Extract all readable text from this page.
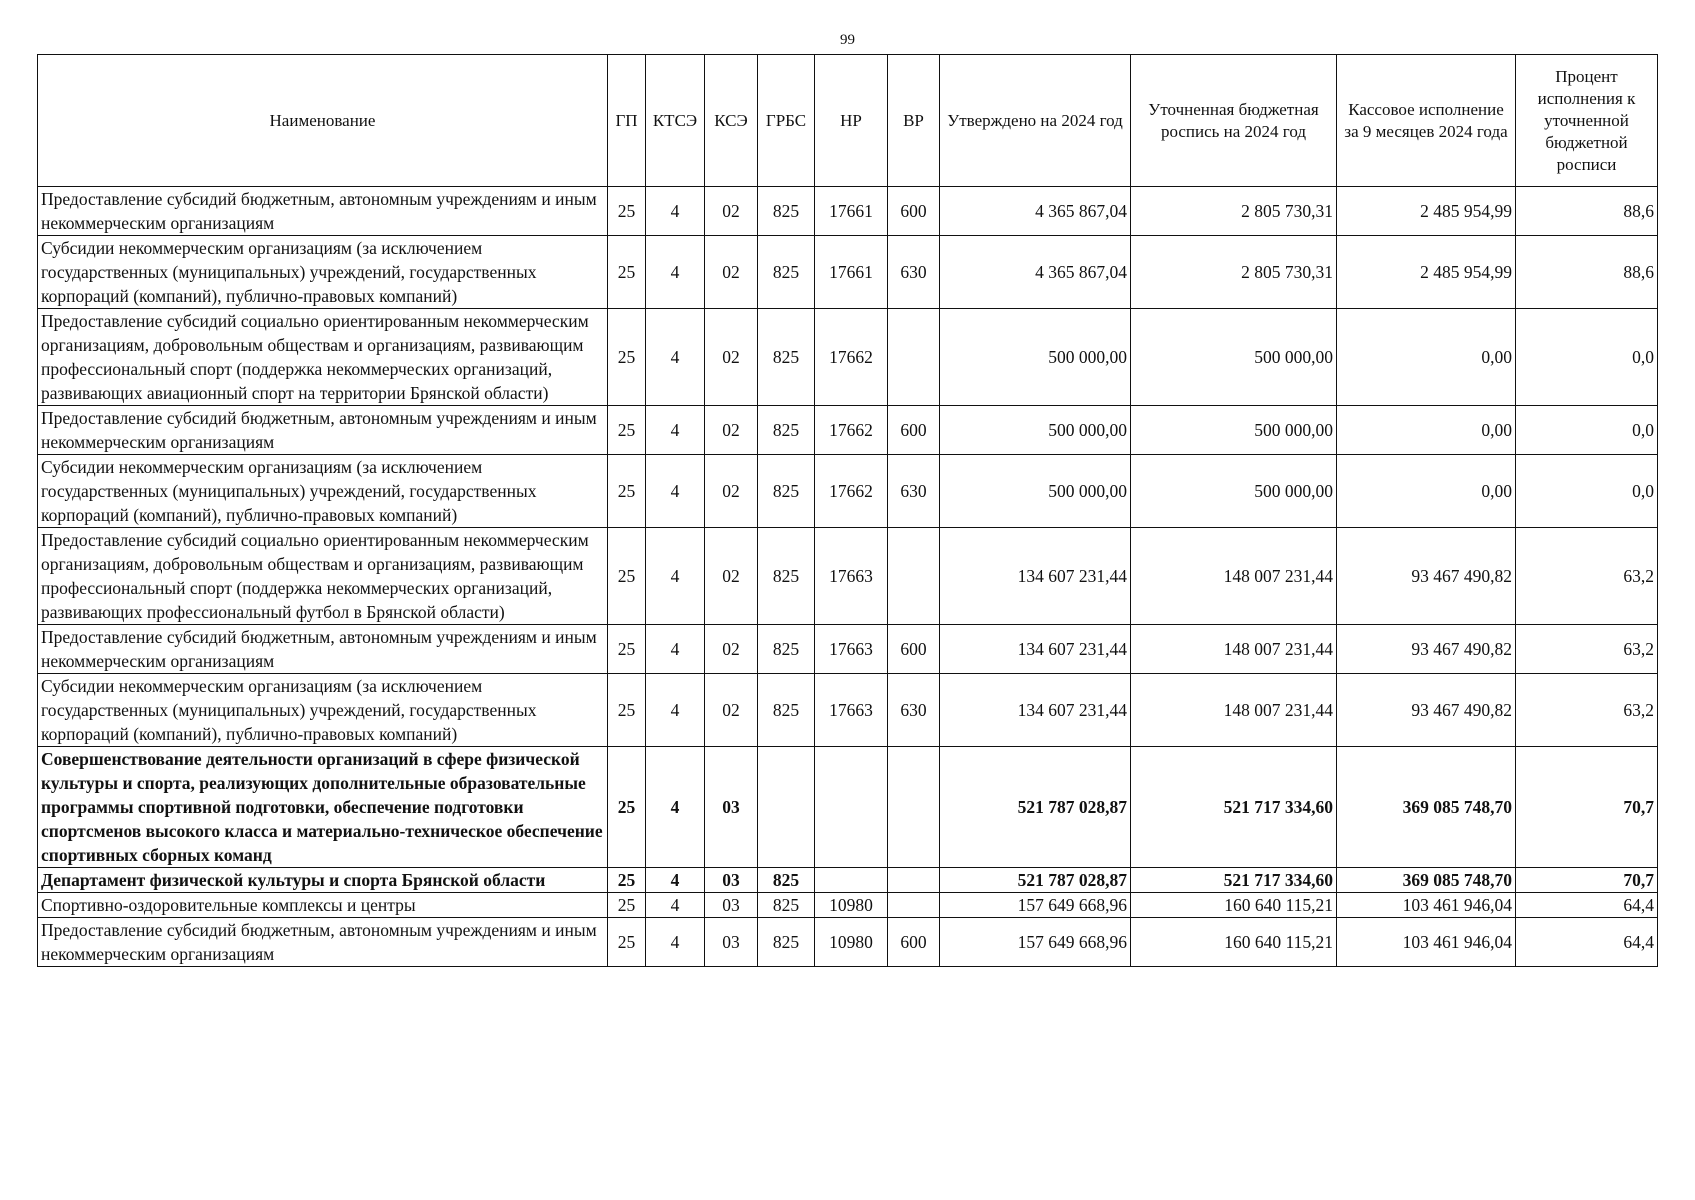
99
Наименование	ГП	КТСЭ	КСЭ	ГРБС	НР	ВР	Утверждено на 2024 год	Уточненная бюджетная роспись на 2024 год	Кассовое исполнение за 9 месяцев 2024 года	Процент исполнения к уточненной бюджетной росписи
Предоставление субсидий бюджетным, автономным учреждениям и иным некоммерческим организациям	25	4	02	825	17661	600	4 365 867,04	2 805 730,31	2 485 954,99	88,6
Субсидии некоммерческим организациям (за исключением государственных (муниципальных) учреждений, государственных корпораций (компаний), публично-правовых компаний)	25	4	02	825	17661	630	4 365 867,04	2 805 730,31	2 485 954,99	88,6
Предоставление субсидий социально ориентированным некоммерческим организациям, добровольным обществам и организациям, развивающим профессиональный спорт (поддержка некоммерческих организаций, развивающих авиационный спорт на территории Брянской области)	25	4	02	825	17662		500 000,00	500 000,00	0,00	0,0
Предоставление субсидий бюджетным, автономным учреждениям и иным некоммерческим организациям	25	4	02	825	17662	600	500 000,00	500 000,00	0,00	0,0
Субсидии некоммерческим организациям (за исключением государственных (муниципальных) учреждений, государственных корпораций (компаний), публично-правовых компаний)	25	4	02	825	17662	630	500 000,00	500 000,00	0,00	0,0
Предоставление субсидий социально ориентированным некоммерческим организациям, добровольным обществам и организациям, развивающим профессиональный спорт (поддержка некоммерческих организаций, развивающих профессиональный футбол в Брянской области)	25	4	02	825	17663		134 607 231,44	148 007 231,44	93 467 490,82	63,2
Предоставление субсидий бюджетным, автономным учреждениям и иным некоммерческим организациям	25	4	02	825	17663	600	134 607 231,44	148 007 231,44	93 467 490,82	63,2
Субсидии некоммерческим организациям (за исключением государственных (муниципальных) учреждений, государственных корпораций (компаний), публично-правовых компаний)	25	4	02	825	17663	630	134 607 231,44	148 007 231,44	93 467 490,82	63,2
Совершенствование деятельности организаций в сфере физической культуры и спорта, реализующих дополнительные образовательные программы спортивной подготовки, обеспечение подготовки спортсменов высокого класса и материально-техническое обеспечение спортивных сборных команд	25	4	03				521 787 028,87	521 717 334,60	369 085 748,70	70,7
Департамент физической культуры и спорта Брянской области	25	4	03	825			521 787 028,87	521 717 334,60	369 085 748,70	70,7
Спортивно-оздоровительные комплексы и центры	25	4	03	825	10980		157 649 668,96	160 640 115,21	103 461 946,04	64,4
Предоставление субсидий бюджетным, автономным учреждениям и иным некоммерческим организациям	25	4	03	825	10980	600	157 649 668,96	160 640 115,21	103 461 946,04	64,4
